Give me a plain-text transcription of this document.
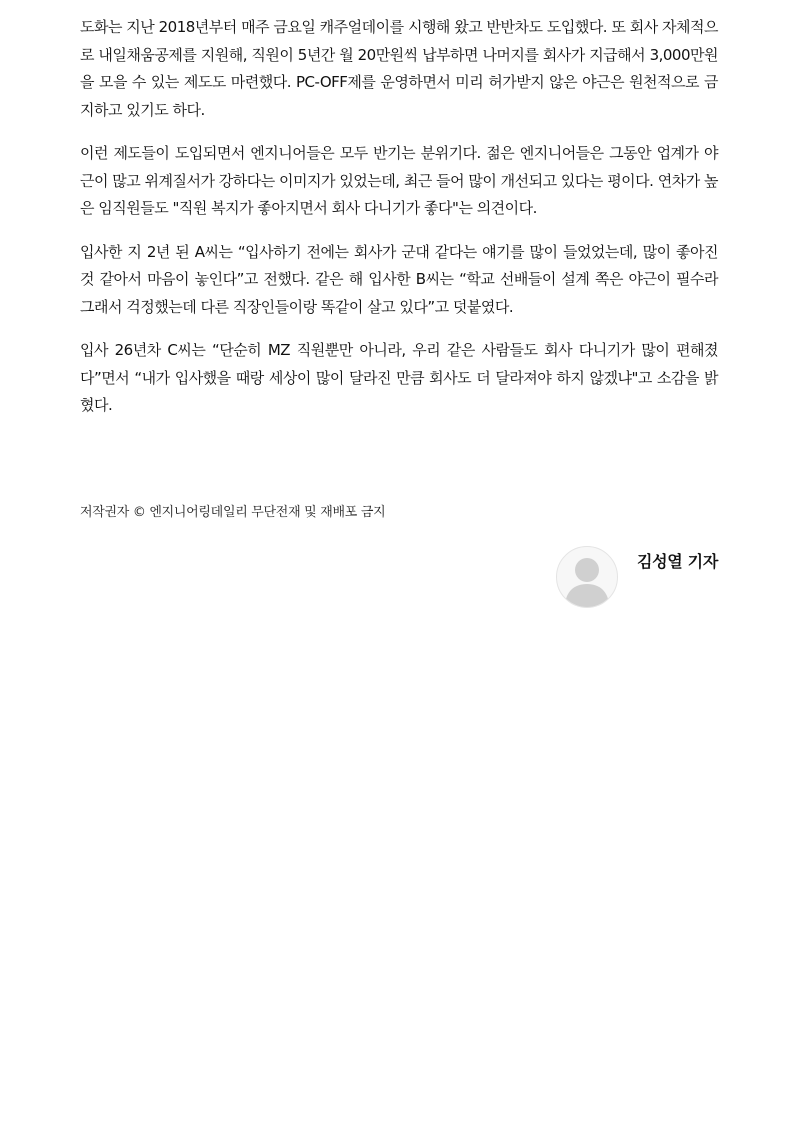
도화는 지난 2018년부터 매주 금요일 캐주얼데이를 시행해 왔고 반반차도 도입했다. 또 회사 자체적으로 내일채움공제를 지원해, 직원이 5년간 월 20만원씩 납부하면 나머지를 회사가 지급해서 3,000만원을 모을 수 있는 제도도 마련했다. PC-OFF제를 운영하면서 미리 허가받지 않은 야근은 원천적으로 금지하고 있기도 하다.

이런 제도들이 도입되면서 엔지니어들은 모두 반기는 분위기다. 젊은 엔지니어들은 그동안 업계가 야근이 많고 위계질서가 강하다는 이미지가 있었는데, 최근 들어 많이 개선되고 있다는 평이다. 연차가 높은 임직원들도 "직원 복지가 좋아지면서 회사 다니기가 좋다"는 의견이다.

입사한 지 2년 된 A씨는 “입사하기 전에는 회사가 군대 같다는 얘기를 많이 들었었는데, 많이 좋아진 것 같아서 마음이 놓인다”고 전했다. 같은 해 입사한 B씨는 “학교 선배들이 설계 쪽은 야근이 필수라 그래서 걱정했는데 다른 직장인들이랑 똑같이 살고 있다”고 덧붙였다.

입사 26년차 C씨는 “단순히 MZ 직원뿐만 아니라, 우리 같은 사람들도 회사 다니기가 많이 편해졌다”면서 “내가 입사했을 때랑 세상이 많이 달라진 만큼 회사도 더 달라져야 하지 않겠냐"고 소감을 밝혔다.

저작권자 © 엔지니어링데일리 무단전재 및 재배포 금지
김성열 기자
